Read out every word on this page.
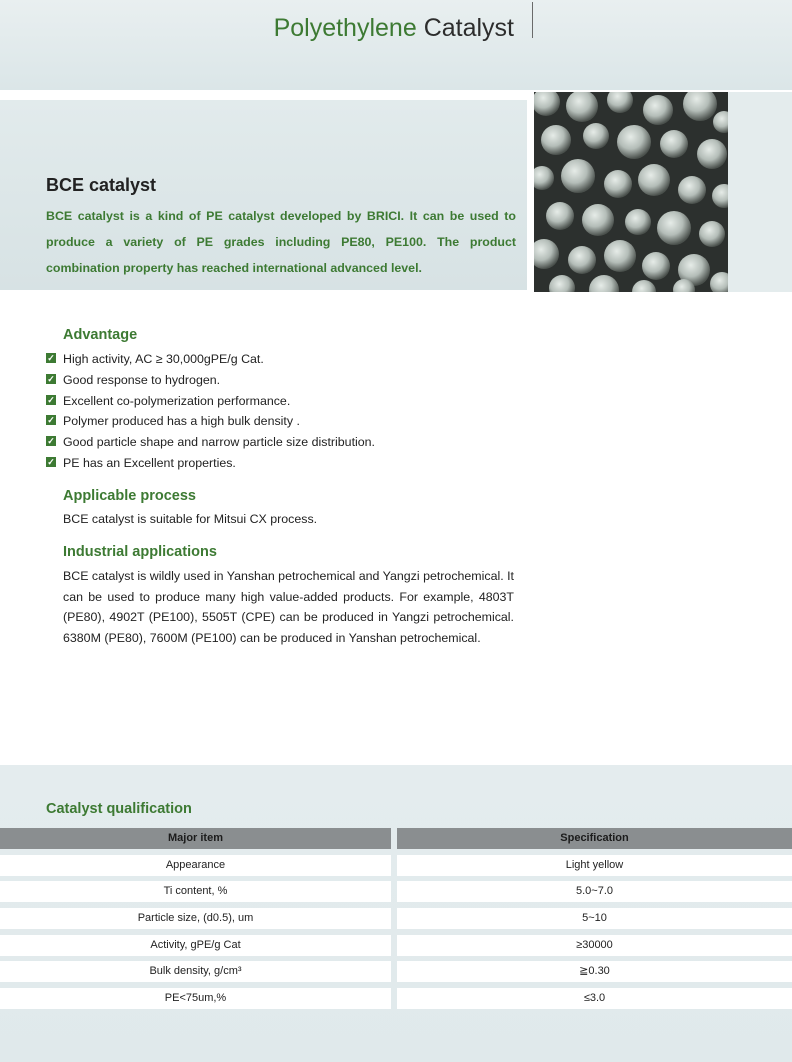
Polyethylene Catalyst
BCE catalyst
BCE catalyst is a kind of PE catalyst developed by BRICI. It can be used to produce a variety of PE grades including PE80, PE100. The product combination property has reached international advanced level.
Advantage
✓ High activity, AC ≥ 30,000gPE/g Cat.
✓ Good response to hydrogen.
✓ Excellent co-polymerization performance.
✓ Polymer produced has a high bulk density .
✓ Good particle shape and narrow particle size distribution.
✓ PE has an Excellent properties.
Applicable process
BCE catalyst is suitable for Mitsui CX process.
Industrial applications
BCE catalyst is wildly used in Yanshan petrochemical and Yangzi petrochemical. It can be used to produce many high value-added products. For example, 4803T (PE80), 4902T (PE100), 5505T (CPE) can be produced in Yangzi petrochemical. 6380M (PE80), 7600M (PE100) can be produced in Yanshan petrochemical.
Catalyst qualification
Major item	Specification
Appearance	Light yellow
Ti content, %	5.0~7.0
Particle size, (d0.5), um	5~10
Activity, gPE/g Cat	≥30000
Bulk density, g/cm³	≧0.30
PE<75um,%	≤3.0
